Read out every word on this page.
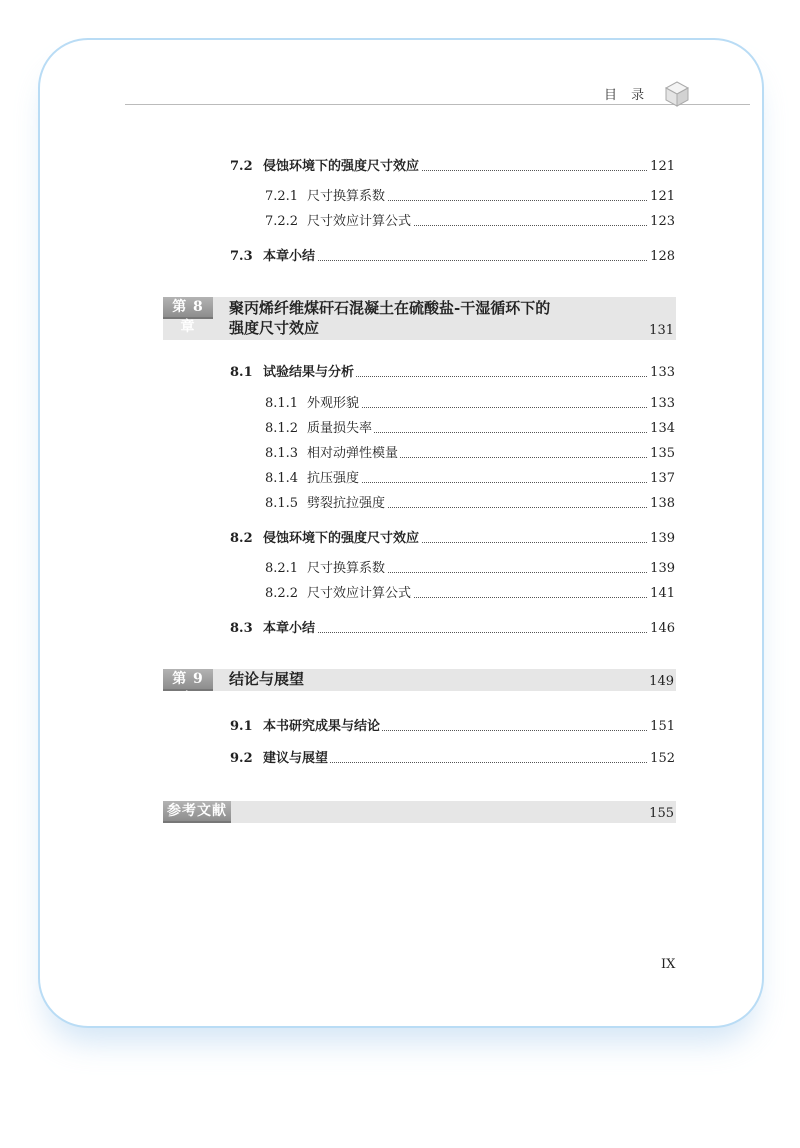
目 录
7.2 侵蚀环境下的强度尺寸效应	121
7.2.1 尺寸换算系数	121
7.2.2 尺寸效应计算公式	123
7.3 本章小结	128
第 8 章
聚丙烯纤维煤矸石混凝土在硫酸盐-干湿循环下的
强度尺寸效应	131
8.1 试验结果与分析	133
8.1.1 外观形貌	133
8.1.2 质量损失率	134
8.1.3 相对动弹性模量	135
8.1.4 抗压强度	137
8.1.5 劈裂抗拉强度	138
8.2 侵蚀环境下的强度尺寸效应	139
8.2.1 尺寸换算系数	139
8.2.2 尺寸效应计算公式	141
8.3 本章小结	146
第 9 章
结论与展望	149
9.1 本书研究成果与结论	151
9.2 建议与展望	152
参考文献	155
IX
